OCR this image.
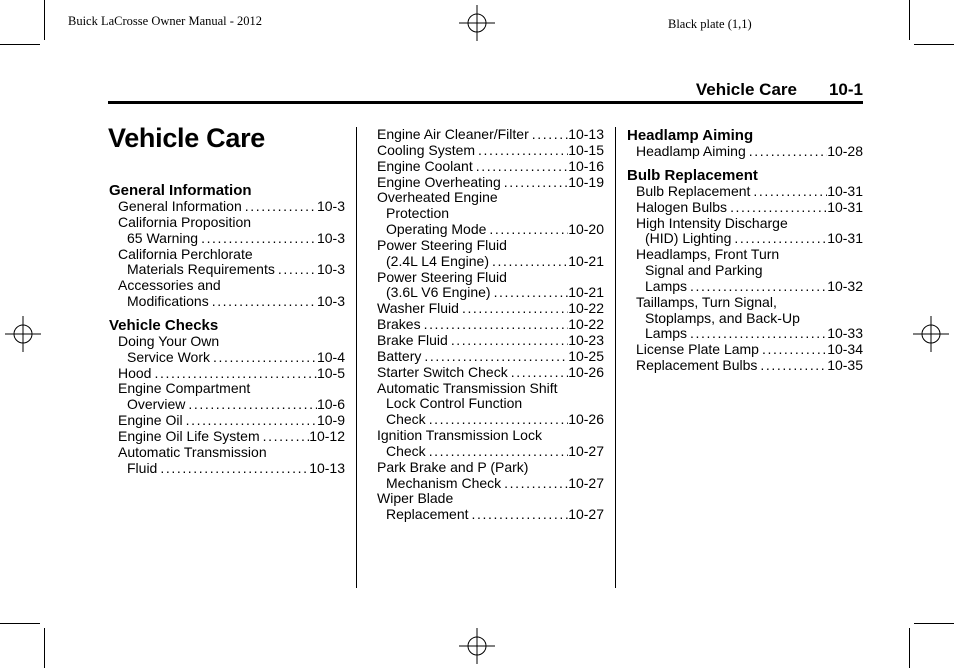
Buick LaCrosse Owner Manual - 2012	Black plate (1,1)
Vehicle Care 10-1
Vehicle Care
General Information
General Information .....	10-3
California Proposition
65 Warning .....	10-3
California Perchlorate
Materials Requirements .....	10-3
Accessories and
Modifications .....	10-3
Vehicle Checks
Doing Your Own
Service Work .....	10-4
Hood .....	10-5
Engine Compartment
Overview .....	10-6
Engine Oil .....	10-9
Engine Oil Life System .....	10-12
Automatic Transmission
Fluid .....	10-13
Engine Air Cleaner/Filter .....	10-13
Cooling System .....	10-15
Engine Coolant .....	10-16
Engine Overheating .....	10-19
Overheated Engine
Protection
Operating Mode .....	10-20
Power Steering Fluid
(2.4L L4 Engine) .....	10-21
Power Steering Fluid
(3.6L V6 Engine) .....	10-21
Washer Fluid .....	10-22
Brakes .....	10-22
Brake Fluid .....	10-23
Battery .....	10-25
Starter Switch Check .....	10-26
Automatic Transmission Shift
Lock Control Function
Check .....	10-26
Ignition Transmission Lock
Check .....	10-27
Park Brake and P (Park)
Mechanism Check .....	10-27
Wiper Blade
Replacement .....	10-27
Headlamp Aiming
Headlamp Aiming .....	10-28
Bulb Replacement
Bulb Replacement .....	10-31
Halogen Bulbs .....	10-31
High Intensity Discharge
(HID) Lighting .....	10-31
Headlamps, Front Turn
Signal and Parking
Lamps .....	10-32
Taillamps, Turn Signal,
Stoplamps, and Back-Up
Lamps .....	10-33
License Plate Lamp .....	10-34
Replacement Bulbs .....	10-35
